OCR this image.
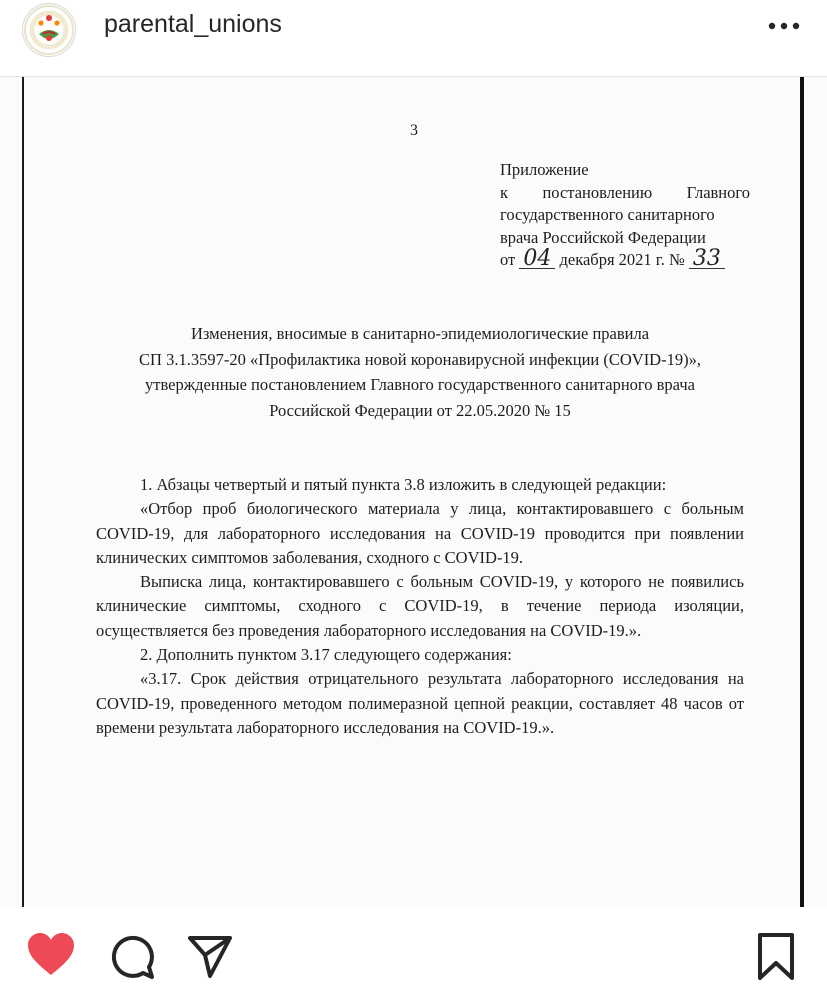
parental_unions
3
Приложение
к постановлению Главного
государственного санитарного
врача Российской Федерации
от 04 декабря 2021 г. № 33
Изменения, вносимые в санитарно-эпидемиологические правила
СП 3.1.3597-20 «Профилактика новой коронавирусной инфекции (COVID-19)»,
утвержденные постановлением Главного государственного санитарного врача
Российской Федерации от 22.05.2020 № 15

1. Абзацы четвертый и пятый пункта 3.8 изложить в следующей редакции:

«Отбор проб биологического материала у лица, контактировавшего с больным COVID-19, для лабораторного исследования на COVID-19 проводится при появлении клинических симптомов заболевания, сходного с COVID-19.

Выписка лица, контактировавшего с больным COVID-19, у которого не появились клинические симптомы, сходного с COVID-19, в течение периода изоляции, осуществляется без проведения лабораторного исследования на COVID-19.».

2. Дополнить пунктом 3.17 следующего содержания:

«3.17. Срок действия отрицательного результата лабораторного исследования на COVID-19, проведенного методом полимеразной цепной реакции, составляет 48 часов от времени результата лабораторного исследования на COVID-19.».
